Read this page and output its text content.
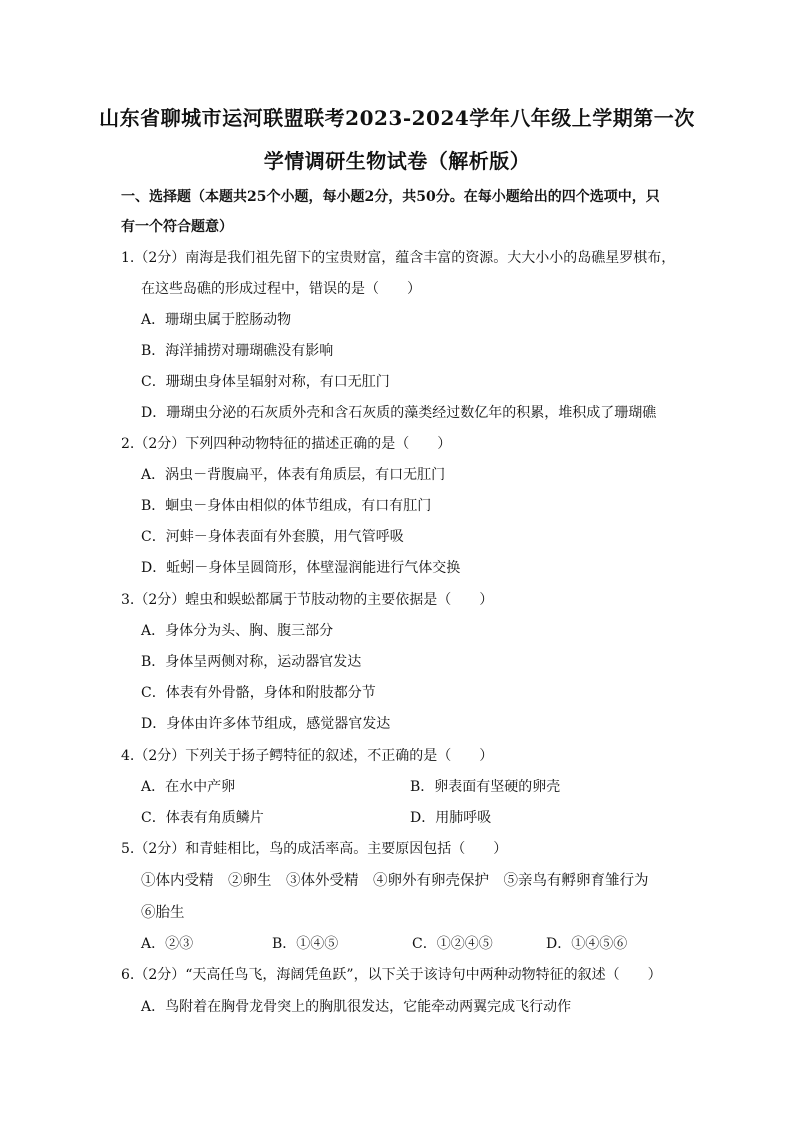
山东省聊城市运河联盟联考2023-2024学年八年级上学期第一次
学情调研生物试卷（解析版）
一、选择题（本题共25个小题，每小题2分，共50分。在每小题给出的四个选项中，只
有一个符合题意）
1.（2分）南海是我们祖先留下的宝贵财富，蕴含丰富的资源。大大小小的岛礁星罗棋布，
在这些岛礁的形成过程中，错误的是（　　）
A．珊瑚虫属于腔肠动物
B．海洋捕捞对珊瑚礁没有影响
C．珊瑚虫身体呈辐射对称，有口无肛门
D．珊瑚虫分泌的石灰质外壳和含石灰质的藻类经过数亿年的积累，堆积成了珊瑚礁
2.（2分）下列四种动物特征的描述正确的是（　　）
A．涡虫－背腹扁平，体表有角质层，有口无肛门
B．蛔虫－身体由相似的体节组成，有口有肛门
C．河蚌－身体表面有外套膜，用气管呼吸
D．蚯蚓－身体呈圆筒形，体壁湿润能进行气体交换
3.（2分）蝗虫和蜈蚣都属于节肢动物的主要依据是（　　）
A．身体分为头、胸、腹三部分
B．身体呈两侧对称，运动器官发达
C．体表有外骨骼，身体和附肢都分节
D．身体由许多体节组成，感觉器官发达
4.（2分）下列关于扬子鳄特征的叙述，不正确的是（　　）
A．在水中产卵	B．卵表面有坚硬的卵壳
C．体表有角质鳞片	D．用肺呼吸
5.（2分）和青蛙相比，鸟的成活率高。主要原因包括（　　）
①体内受精　②卵生　③体外受精　④卵外有卵壳保护　⑤亲鸟有孵卵育雏行为
⑥胎生
A．②③	B．①④⑤	C．①②④⑤	D．①④⑤⑥
6.（2分）“天高任鸟飞，海阔凭鱼跃”，以下关于该诗句中两种动物特征的叙述（　　）
A．鸟附着在胸骨龙骨突上的胸肌很发达，它能牵动两翼完成飞行动作
